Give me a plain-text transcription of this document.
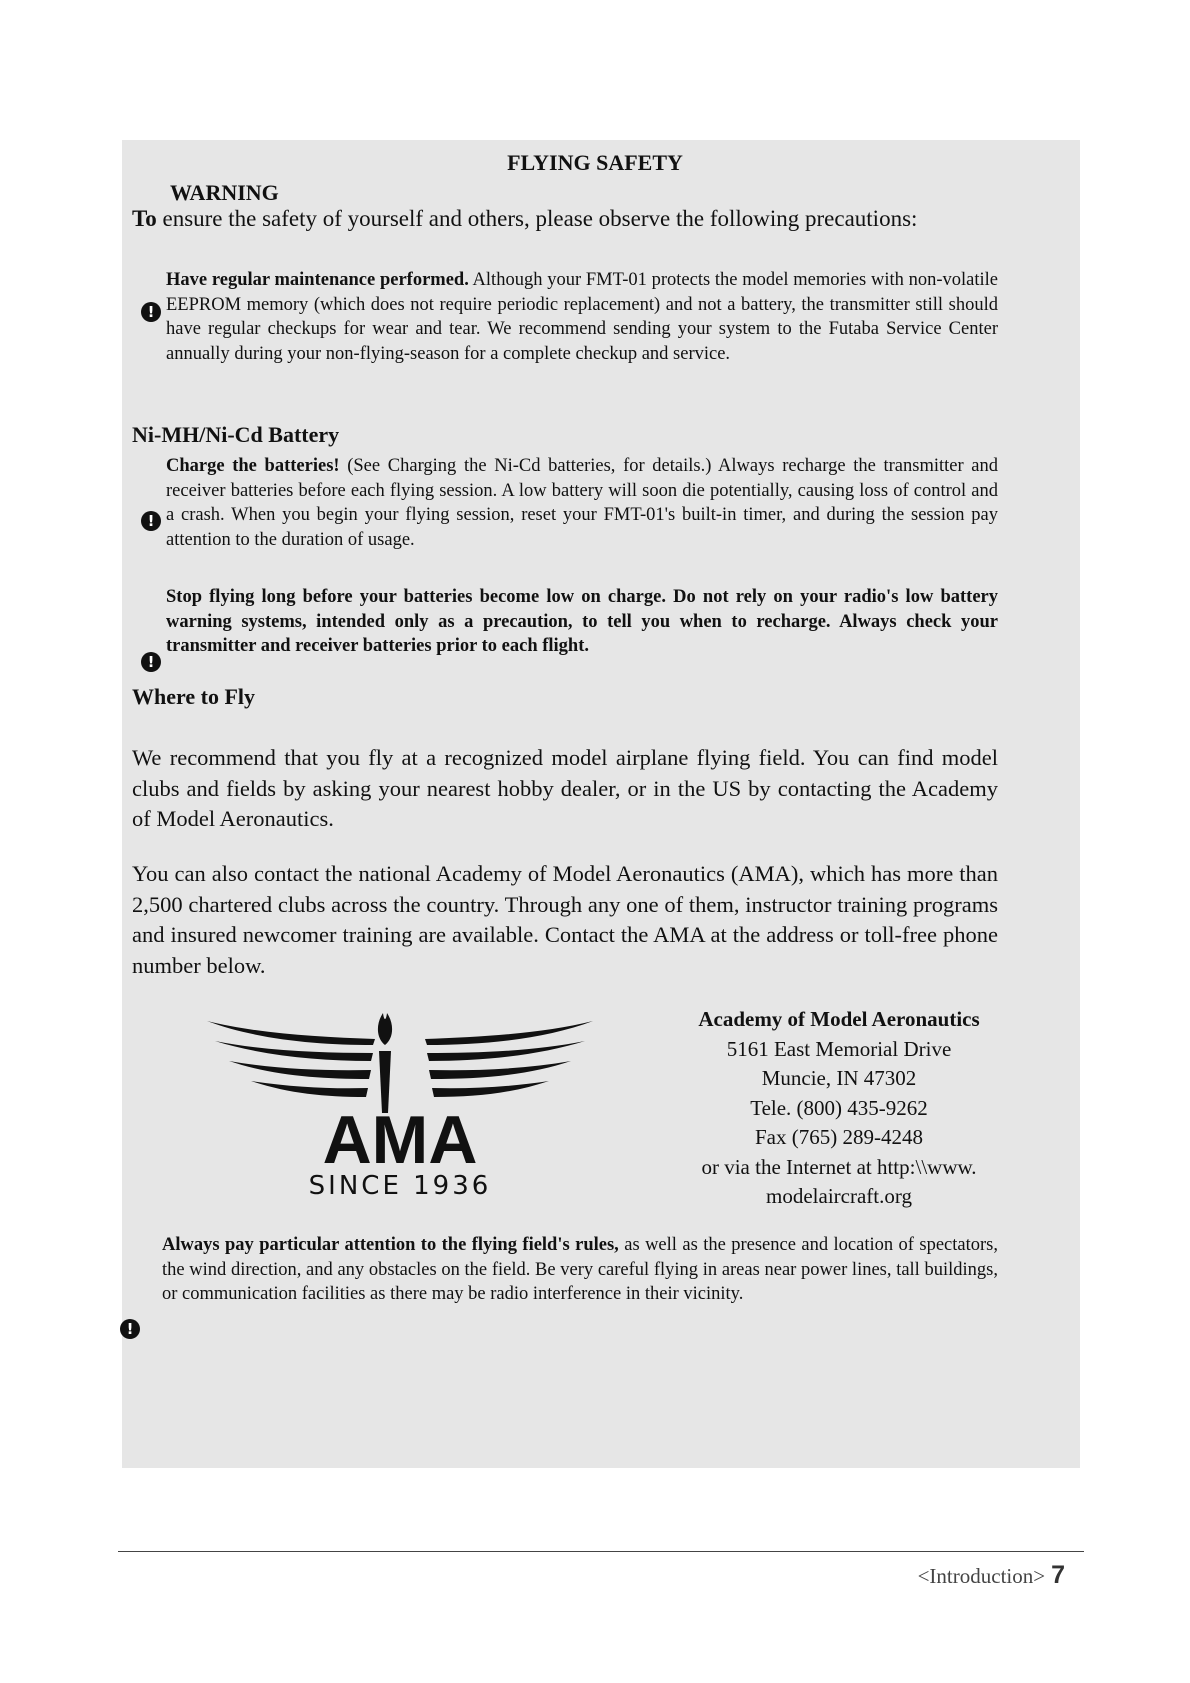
FLYING SAFETY
WARNING
To ensure the safety of yourself and others, please observe the following precautions:
!
Have regular maintenance performed. Although your FMT-01 protects the model memories with non-volatile EEPROM memory (which does not require periodic replacement) and not a battery, the transmitter still should have regular checkups for wear and tear. We recommend sending your system to the Futaba Service Center annually during your non-flying-season for a complete checkup and service.
Ni-MH/Ni-Cd Battery
!
Charge the batteries! (See Charging the Ni-Cd batteries, for details.) Always recharge the transmitter and receiver batteries before each flying session. A low battery will soon die potentially, causing loss of control and a crash. When you begin your flying session, reset your FMT-01's built-in timer, and during the session pay attention to the duration of usage.
!
Stop flying long before your batteries become low on charge. Do not rely on your radio's low battery warning systems, intended only as a precaution, to tell you when to recharge. Always check your transmitter and receiver batteries prior to each flight.
Where to Fly
We recommend that you fly at a recognized model airplane flying field. You can find model clubs and fields by asking your nearest hobby dealer, or in the US by contacting the Academy of Model Aeronautics.
You can also contact the national Academy of Model Aeronautics (AMA), which has more than 2,500 chartered clubs across the country. Through any one of them, instructor training programs and insured newcomer training are available. Contact the AMA at the address or toll-free phone number below.
AMA
SINCE 1936
Academy of Model Aeronautics
5161 East Memorial Drive
Muncie, IN 47302
Tele. (800) 435-9262
Fax (765) 289-4248
or via the Internet at http:\\www.
modelaircraft.org
!
Always pay particular attention to the flying field's rules, as well as the presence and location of spectators, the wind direction, and any obstacles on the field. Be very careful flying in areas near power lines, tall buildings, or communication facilities as there may be radio interference in their vicinity.
<Introduction> 7
